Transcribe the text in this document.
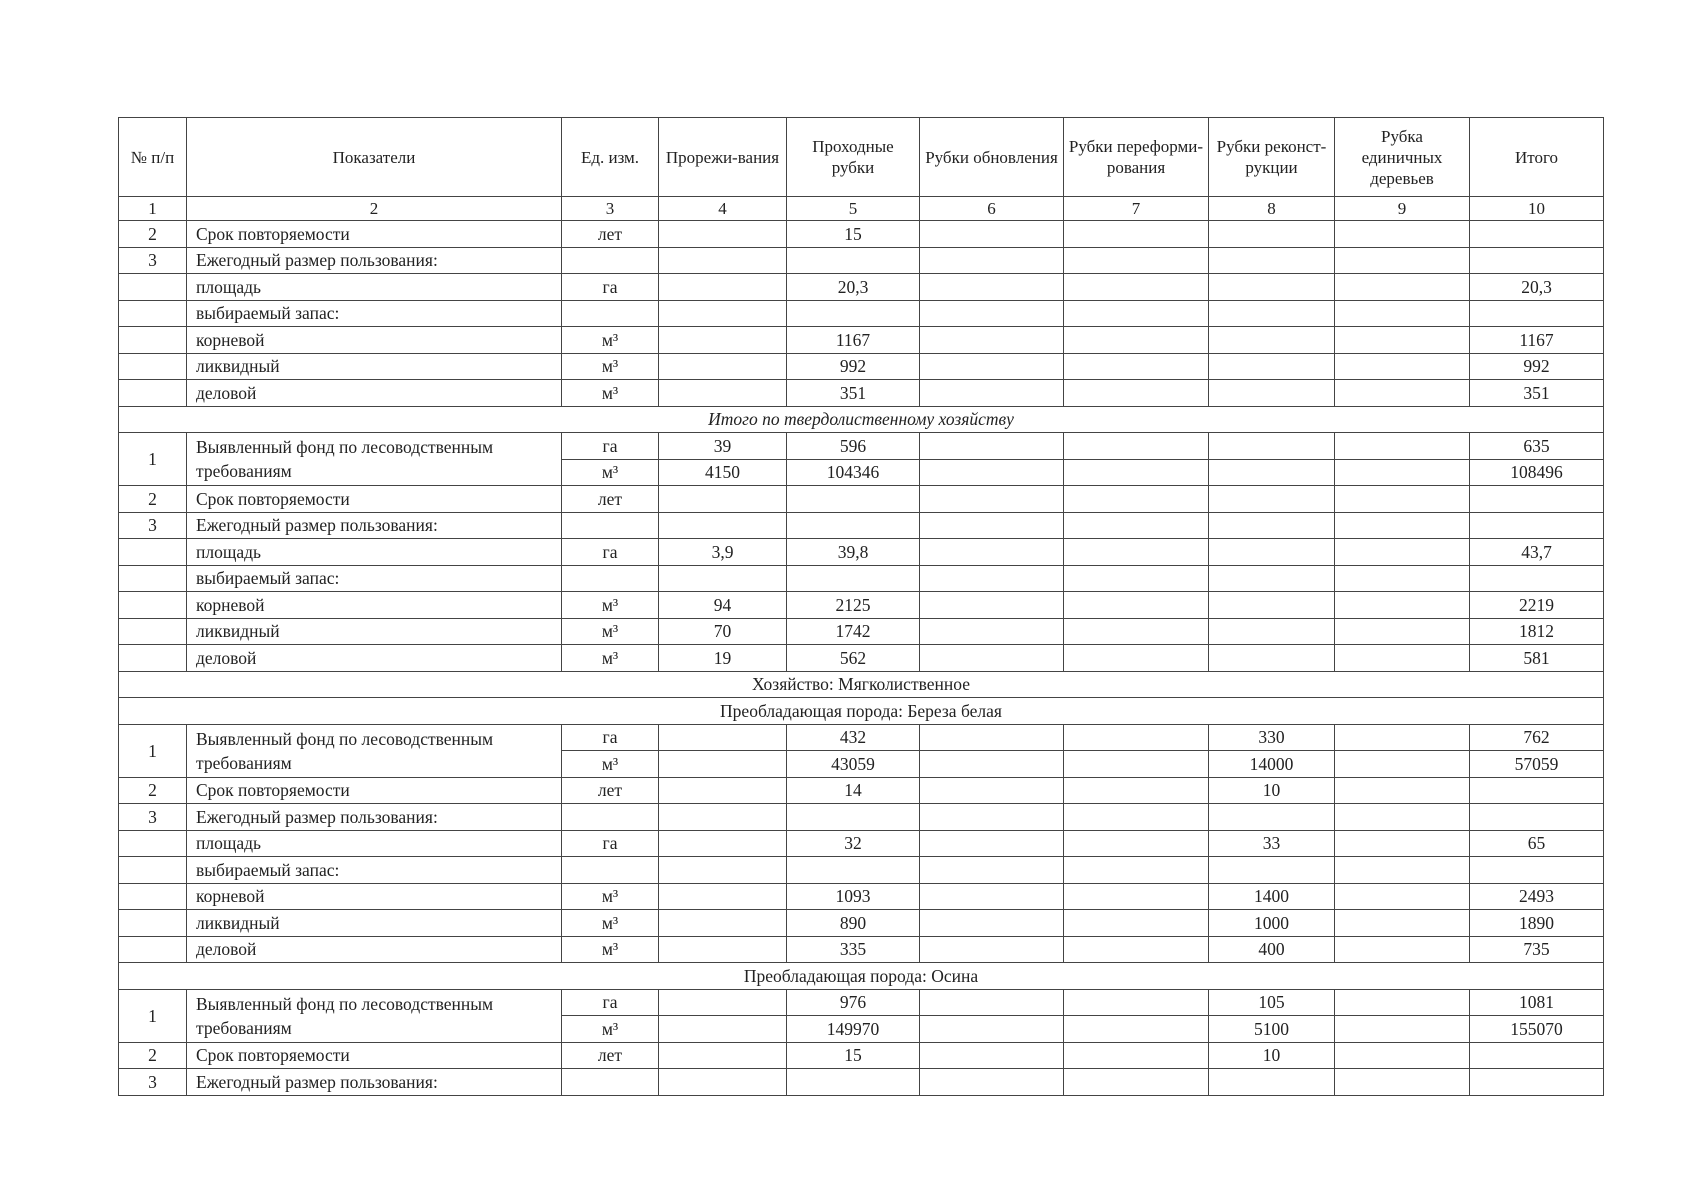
№ п/п	Показатели	Ед. изм.	Прорежи-вания	Проходные рубки	Рубки обновления	Рубки переформи-рования	Рубки реконст-рукции	Рубка единичных деревьев	Итого
1	2	3	4	5	6	7	8	9	10
2	Срок повторяемости	лет		15					
3	Ежегодный размер пользования:								
	площадь	га		20,3					20,3
	выбираемый запас:								
	корневой	м³		1167					1167
	ликвидный	м³		992					992
	деловой	м³		351					351
Итого по твердолиственному хозяйству									
1	Выявленный фонд по лесоводственным требованиям	га	39	596					635
		м³	4150	104346					108496
2	Срок повторяемости	лет							
3	Ежегодный размер пользования:								
	площадь	га	3,9	39,8					43,7
	выбираемый запас:								
	корневой	м³	94	2125					2219
	ликвидный	м³	70	1742					1812
	деловой	м³	19	562					581
Хозяйство: Мягколиственное									
Преобладающая порода: Береза белая									
1	Выявленный фонд по лесоводственным требованиям	га		432			330		762
		м³		43059			14000		57059
2	Срок повторяемости	лет		14			10		
3	Ежегодный размер пользования:								
	площадь	га		32			33		65
	выбираемый запас:								
	корневой	м³		1093			1400		2493
	ликвидный	м³		890			1000		1890
	деловой	м³		335			400		735
Преобладающая порода: Осина									
1	Выявленный фонд по лесоводственным требованиям	га		976			105		1081
		м³		149970			5100		155070
2	Срок повторяемости	лет		15			10		
3	Ежегодный размер пользования:								
